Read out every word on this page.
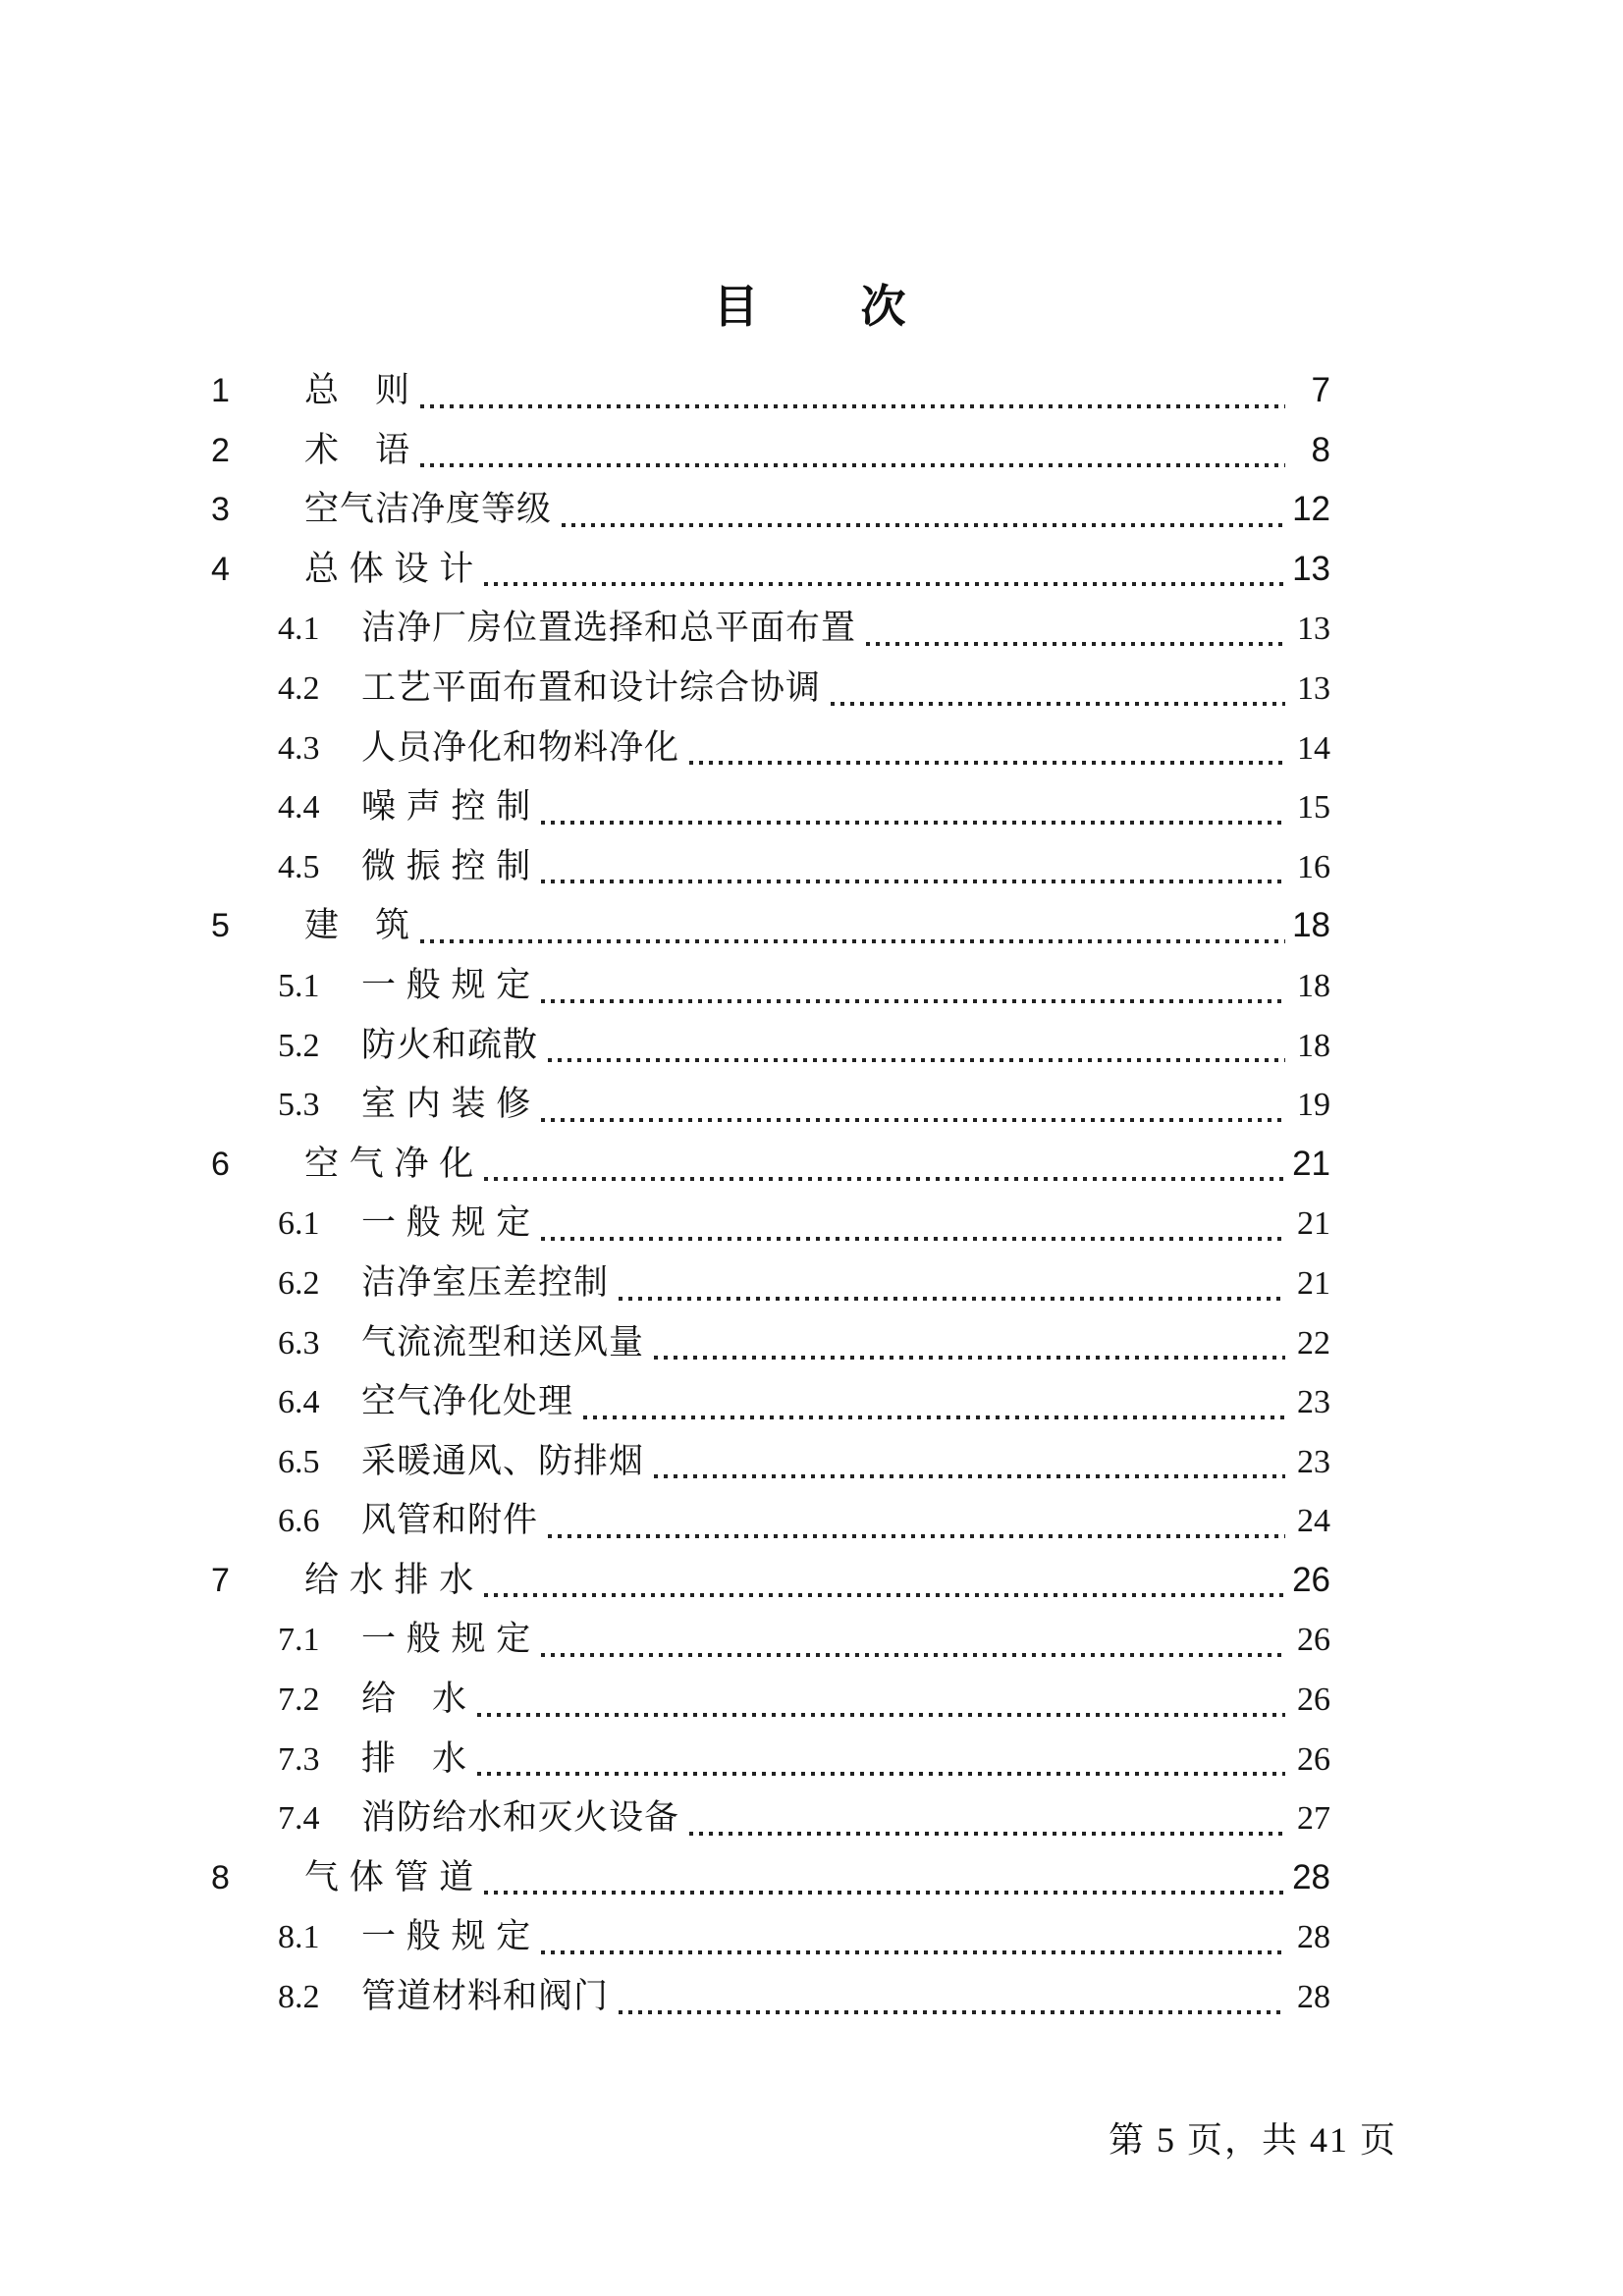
目　　次
1	总　则	7
2	术　语	8
3	空气洁净度等级	12
4	总 体 设 计	13
4.1	洁净厂房位置选择和总平面布置	13
4.2	工艺平面布置和设计综合协调	13
4.3	人员净化和物料净化	14
4.4	噪 声 控 制	15
4.5	微 振 控 制	16
5	建　筑	18
5.1	一 般 规 定	18
5.2	防火和疏散	18
5.3	室 内 装 修	19
6	空 气 净 化	21
6.1	一 般 规 定	21
6.2	洁净室压差控制	21
6.3	气流流型和送风量	22
6.4	空气净化处理	23
6.5	采暖通风、防排烟	23
6.6	风管和附件	24
7	给 水 排 水	26
7.1	一 般 规 定	26
7.2	给　水	26
7.3	排　水	26
7.4	消防给水和灭火设备	27
8	气 体 管 道	28
8.1	一 般 规 定	28
8.2	管道材料和阀门	28
第 5 页，共 41 页
